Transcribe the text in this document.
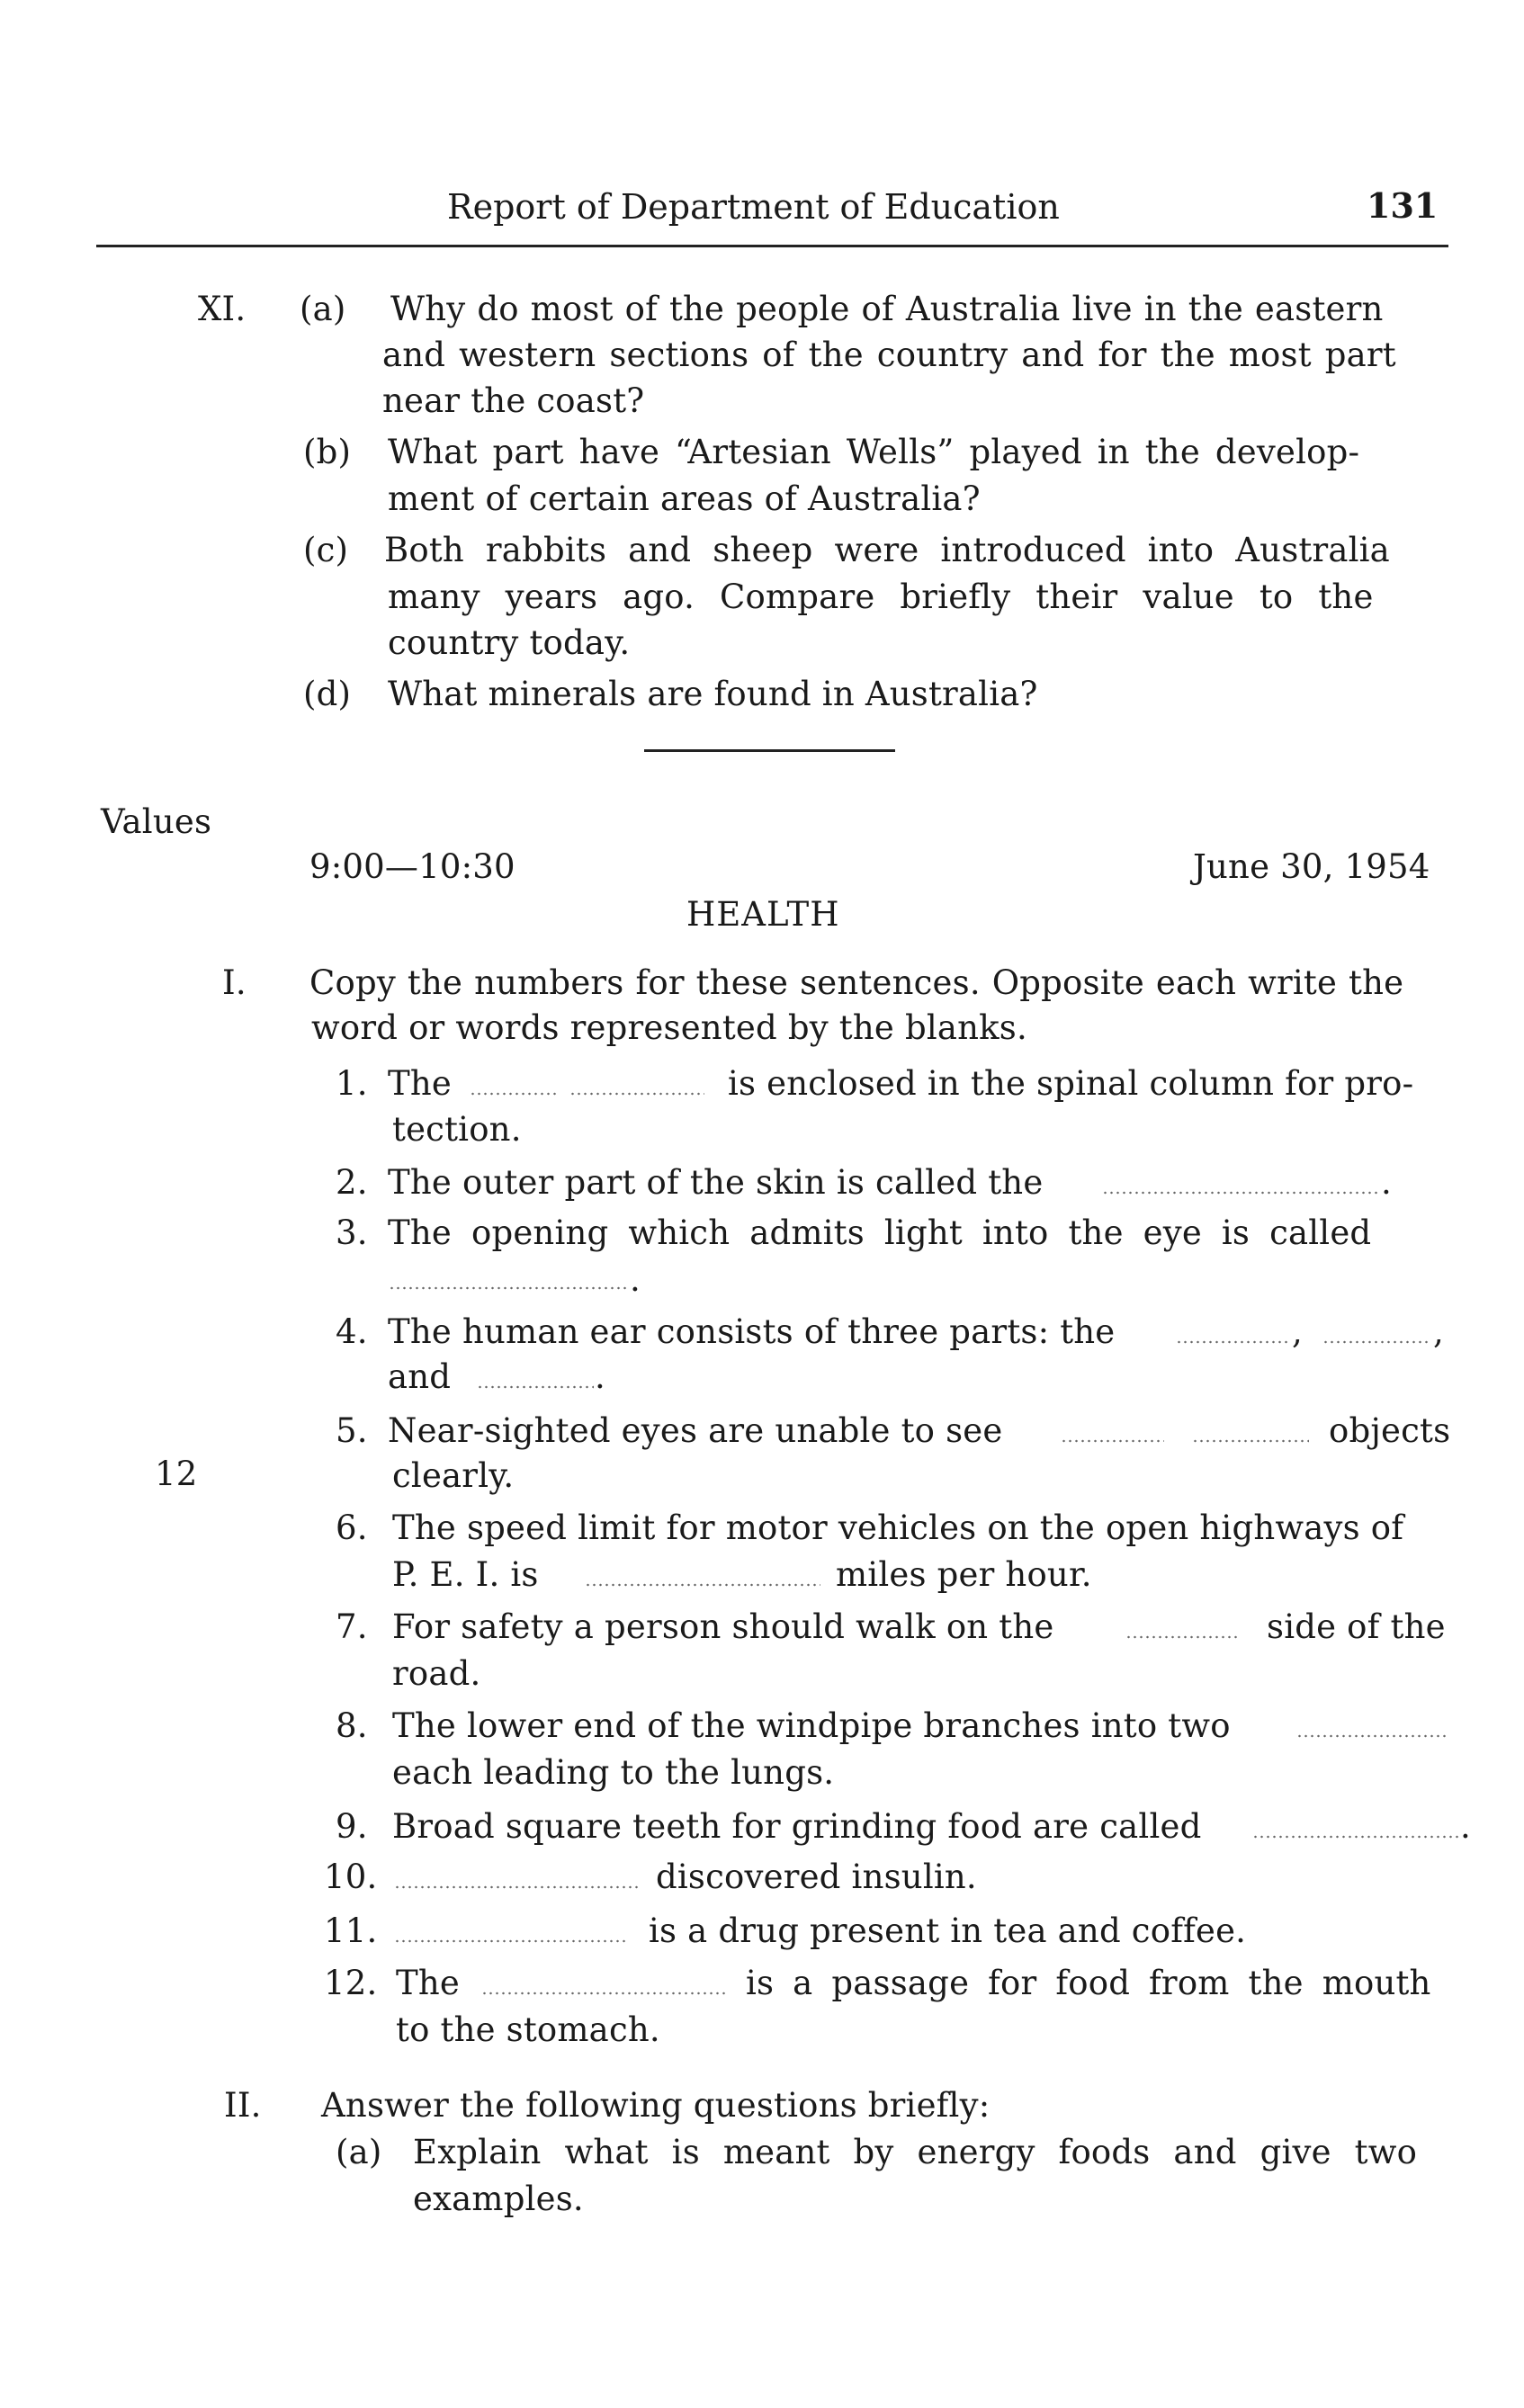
Report of Department of Education	131
XI. (a) Why do most of the people of Australia live in the eastern
and western sections of the country and for the most part
near the coast?
(b) What part have “Artesian Wells” played in the develop-
ment of certain areas of Australia?
(c) Both rabbits and sheep were introduced into Australia
many years ago. Compare briefly their value to the
country today.
(d) What minerals are found in Australia?
Values
9:00—10:30	June 30, 1954
HEALTH
I. Copy the numbers for these sentences. Opposite each write the
word or words represented by the blanks.
1. The	is enclosed in the spinal column for pro-
tection.
2. The outer part of the skin is called the	.
3. The opening which admits light into the eye is called
.
4. The human ear consists of three parts: the	,	,
and	.
5. Near-sighted eyes are unable to see	objects
clearly.
12
6. The speed limit for motor vehicles on the open highways of
P. E. I. is	miles per hour.
7. For safety a person should walk on the	side of the
road.
8. The lower end of the windpipe branches into two
each leading to the lungs.
9. Broad square teeth for grinding food are called	.
10.	discovered insulin.
11.	is a drug present in tea and coffee.
12. The	is a passage for food from the mouth
to the stomach.
II. Answer the following questions briefly:
(a) Explain what is meant by energy foods and give two
examples.
